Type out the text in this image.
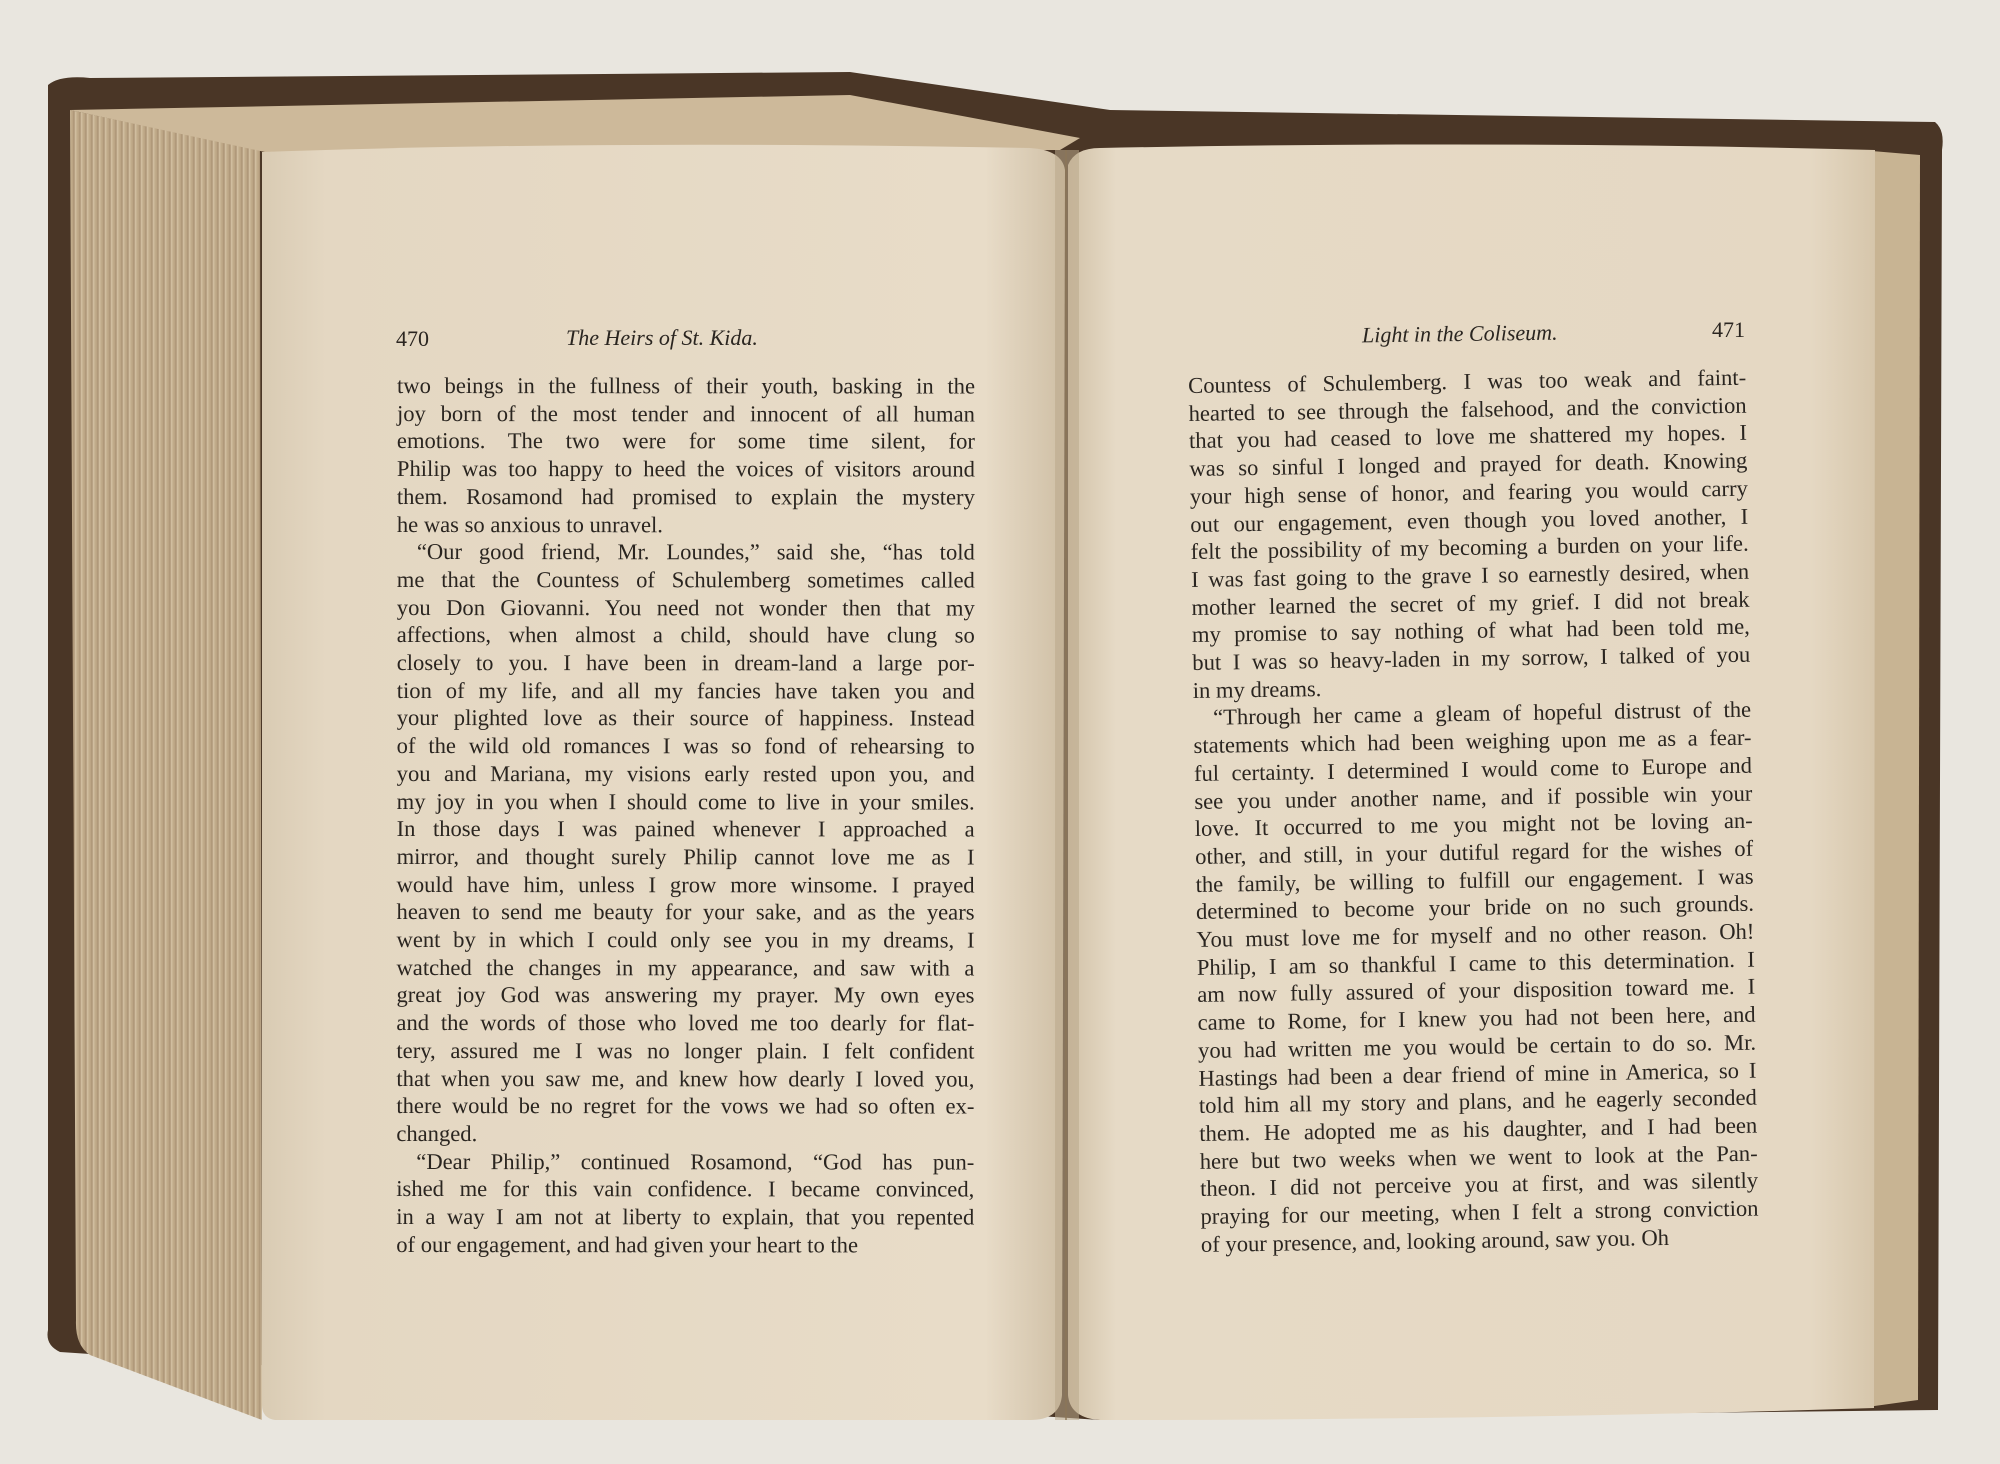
470	The Heirs of St. Kida.	Light in the Coliseum.	471

two beings in the fullness of their youth, basking in the
joy born of the most tender and innocent of all human
emotions. The two were for some time silent, for
Philip was too happy to heed the voices of visitors around
them. Rosamond had promised to explain the mystery
he was so anxious to unravel.

“Our good friend, Mr. Loundes,” said she, “has told
me that the Countess of Schulemberg sometimes called
you Don Giovanni. You need not wonder then that my
affections, when almost a child, should have clung so
closely to you. I have been in dream-land a large por-
tion of my life, and all my fancies have taken you and
your plighted love as their source of happiness. Instead
of the wild old romances I was so fond of rehearsing to
you and Mariana, my visions early rested upon you, and
my joy in you when I should come to live in your smiles.
In those days I was pained whenever I approached a
mirror, and thought surely Philip cannot love me as I
would have him, unless I grow more winsome. I prayed
heaven to send me beauty for your sake, and as the years
went by in which I could only see you in my dreams, I
watched the changes in my appearance, and saw with a
great joy God was answering my prayer. My own eyes
and the words of those who loved me too dearly for flat-
tery, assured me I was no longer plain. I felt confident
that when you saw me, and knew how dearly I loved you,
there would be no regret for the vows we had so often ex-
changed.

“Dear Philip,” continued Rosamond, “God has pun-
ished me for this vain confidence. I became convinced,
in a way I am not at liberty to explain, that you repented
of our engagement, and had given your heart to the

Countess of Schulemberg. I was too weak and faint-
hearted to see through the falsehood, and the conviction
that you had ceased to love me shattered my hopes. I
was so sinful I longed and prayed for death. Knowing
your high sense of honor, and fearing you would carry
out our engagement, even though you loved another, I
felt the possibility of my becoming a burden on your life.
I was fast going to the grave I so earnestly desired, when
mother learned the secret of my grief. I did not break
my promise to say nothing of what had been told me,
but I was so heavy-laden in my sorrow, I talked of you
in my dreams.

“Through her came a gleam of hopeful distrust of the
statements which had been weighing upon me as a fear-
ful certainty. I determined I would come to Europe and
see you under another name, and if possible win your
love. It occurred to me you might not be loving an-
other, and still, in your dutiful regard for the wishes of
the family, be willing to fulfill our engagement. I was
determined to become your bride on no such grounds.
You must love me for myself and no other reason. Oh!
Philip, I am so thankful I came to this determination. I
am now fully assured of your disposition toward me. I
came to Rome, for I knew you had not been here, and
you had written me you would be certain to do so. Mr.
Hastings had been a dear friend of mine in America, so I
told him all my story and plans, and he eagerly seconded
them. He adopted me as his daughter, and I had been
here but two weeks when we went to look at the Pan-
theon. I did not perceive you at first, and was silently
praying for our meeting, when I felt a strong conviction
of your presence, and, looking around, saw you. Oh
